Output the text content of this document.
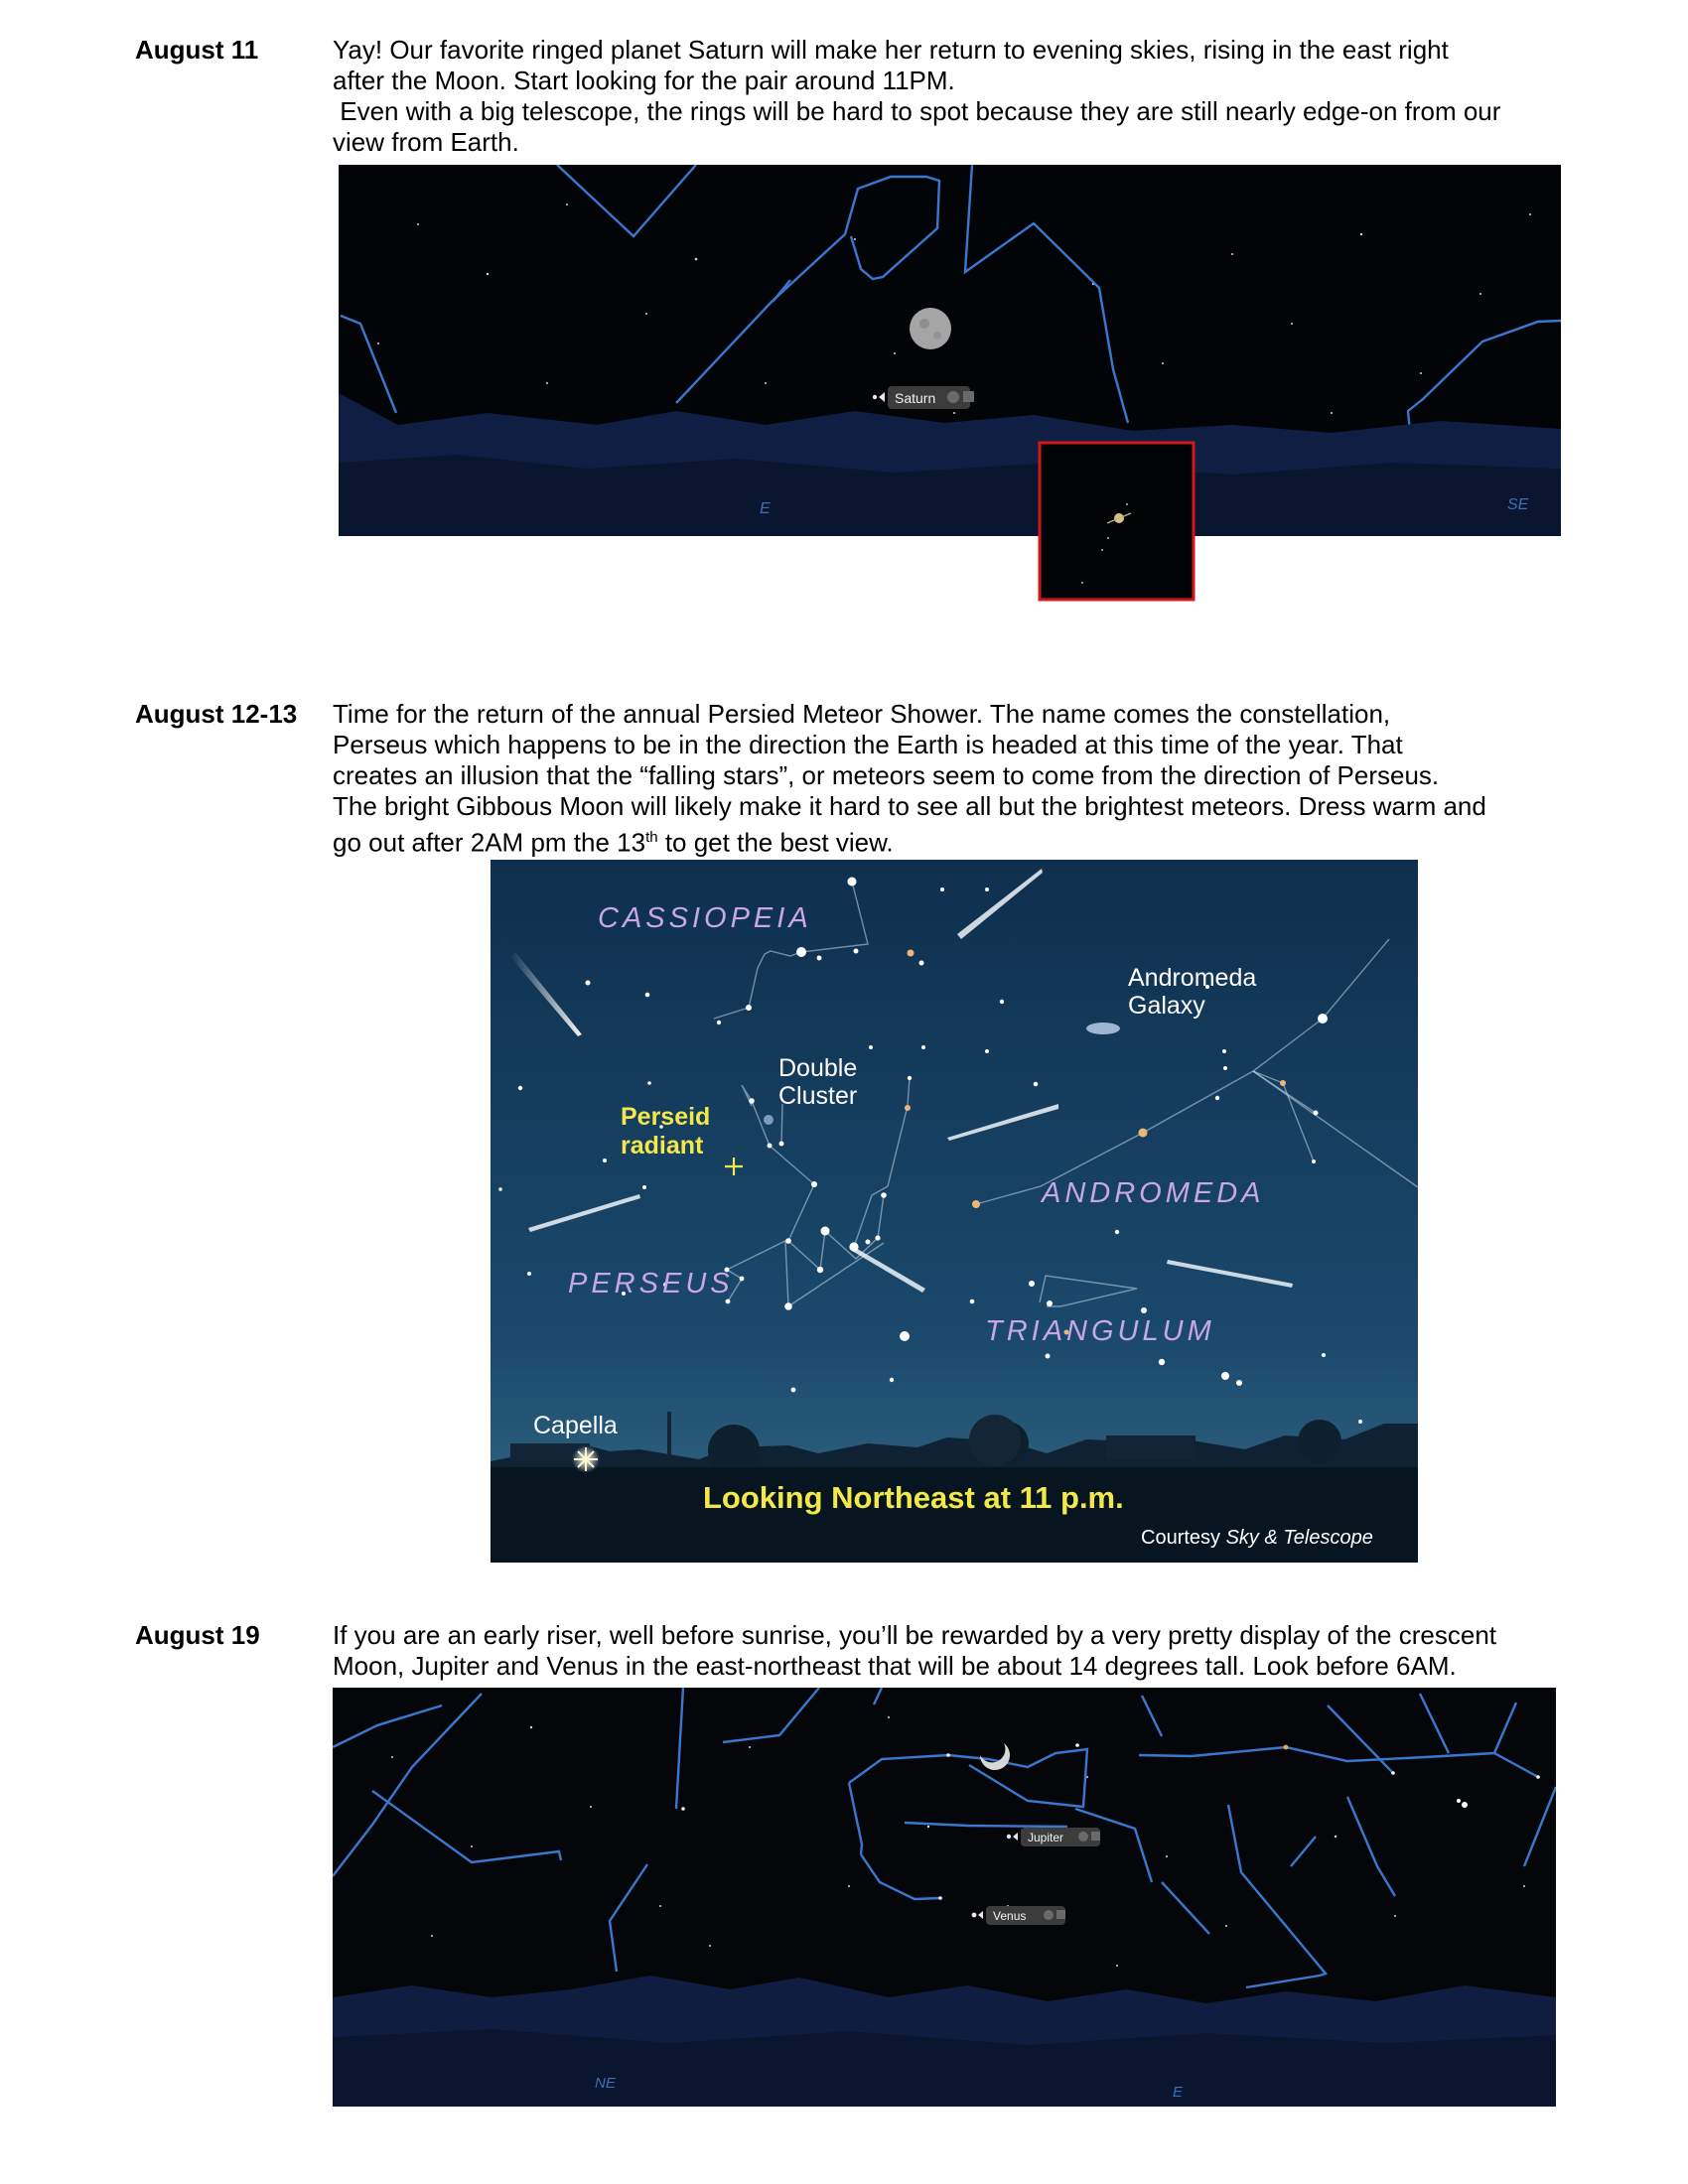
August 11	Yay! Our favorite ringed planet Saturn will make her return to evening skies, rising in the east right
after the Moon. Start looking for the pair around 11PM.
Even with a big telescope, the rings will be hard to spot because they are still nearly edge-on from our
view from Earth.

Saturn
E	SE
August 12-13 Time for the return of the annual Persied Meteor Shower. The name comes the constellation,
Perseus which happens to be in the direction the Earth is headed at this time of the year. That
creates an illusion that the “falling stars”, or meteors seem to come from the direction of Perseus.
The bright Gibbous Moon will likely make it hard to see all but the brightest meteors. Dress warm and
go out after 2AM pm the 13th to get the best view.

CASSIOPEIA
PERSEUS
ANDROMEDA
TRIANGULUM
Andromeda
Galaxy
Double
Cluster
Perseid
radiant
Capella
Looking Northeast at 11 p.m.
Courtesy Sky & Telescope
August 19	If you are an early riser, well before sunrise, you’ll be rewarded by a very pretty display of the crescent
Moon, Jupiter and Venus in the east-northeast that will be about 14 degrees tall. Look before 6AM.

Jupiter
Venus
NE
E
